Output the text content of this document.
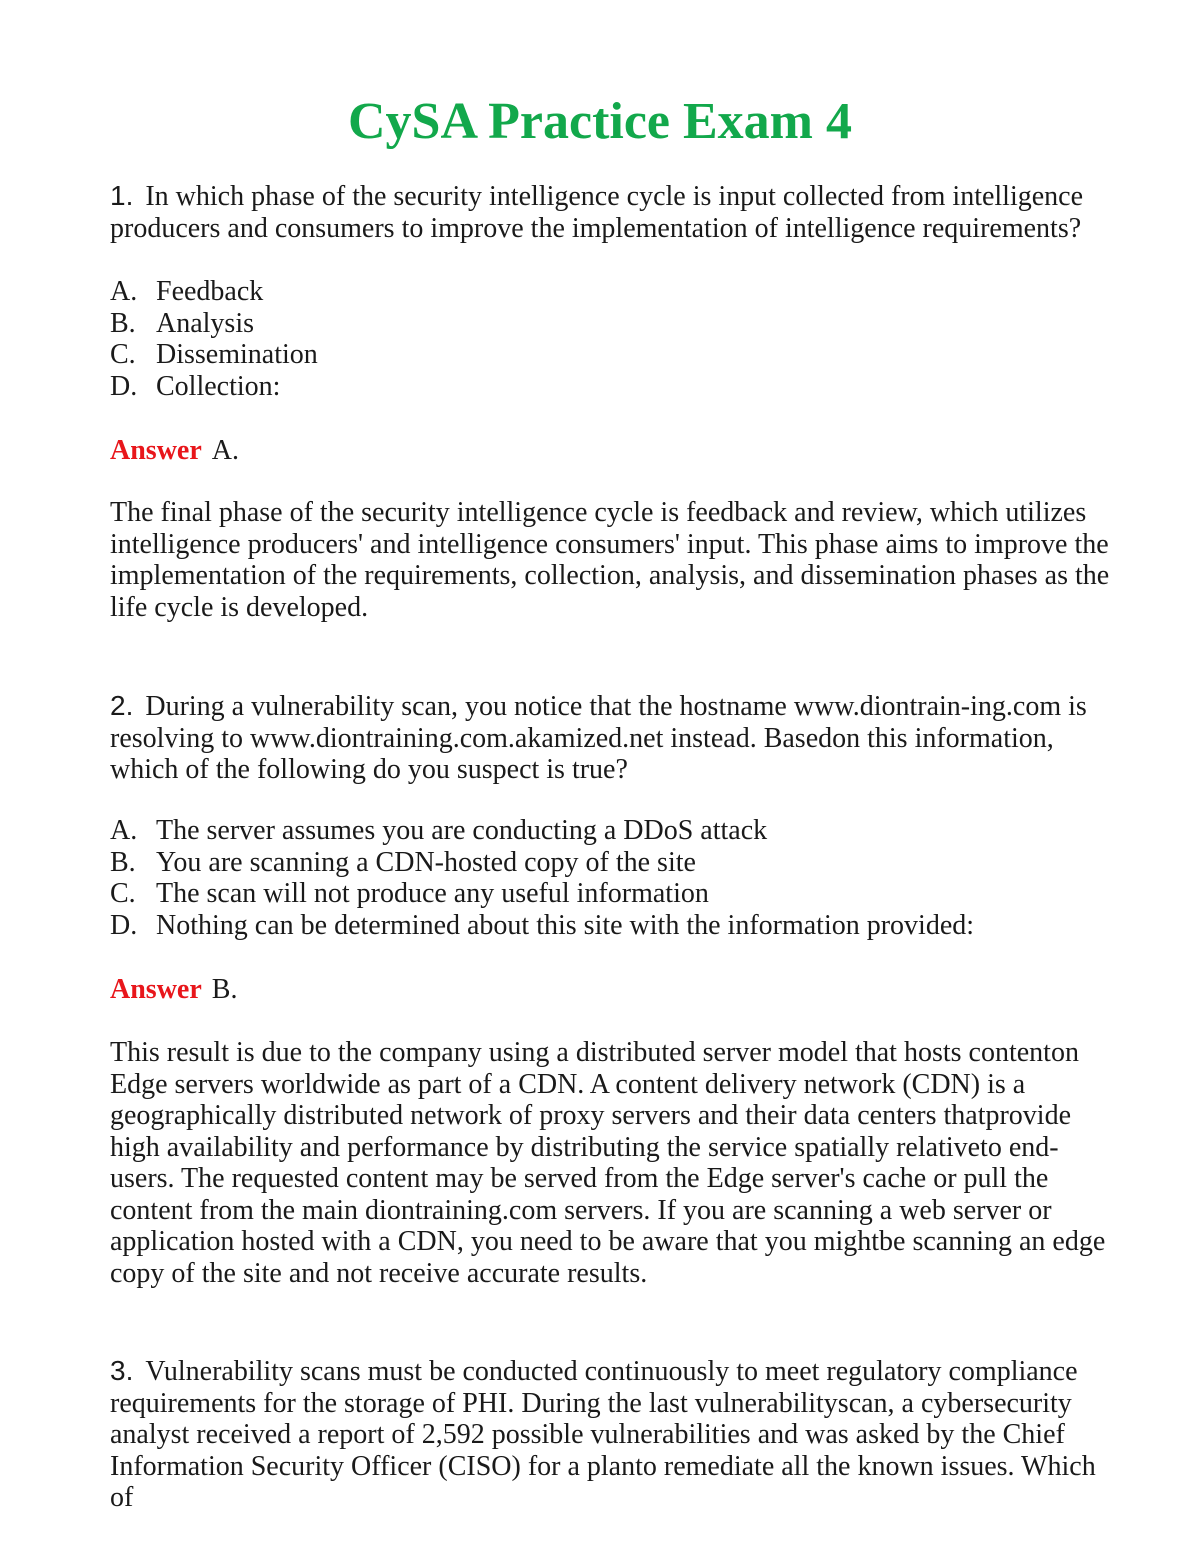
CySA Practice Exam 4

1. In which phase of the security intelligence cycle is input collected from intelligence producers and consumers to improve the implementation of intelligence requirements?

A. Feedback
B. Analysis
C. Dissemination
D. Collection:

Answer A.

The final phase of the security intelligence cycle is feedback and review, which utilizes intelligence producers' and intelligence consumers' input. This phase aims to improve the implementation of the requirements, collection, analysis, and dissemination phases as the life cycle is developed.

2. During a vulnerability scan, you notice that the hostname www.diontrain-ing.com is resolving to www.diontraining.com.akamized.net instead. Basedon this information, which of the following do you suspect is true?

A. The server assumes you are conducting a DDoS attack
B. You are scanning a CDN-hosted copy of the site
C. The scan will not produce any useful information
D. Nothing can be determined about this site with the information provided:

Answer B.

This result is due to the company using a distributed server model that hosts contenton Edge servers worldwide as part of a CDN. A content delivery network (CDN) is a geographically distributed network of proxy servers and their data centers thatprovide high availability and performance by distributing the service spatially relativeto end-users. The requested content may be served from the Edge server's cache or pull the content from the main diontraining.com servers. If you are scanning a web server or application hosted with a CDN, you need to be aware that you mightbe scanning an edge copy of the site and not receive accurate results.

3. Vulnerability scans must be conducted continuously to meet regulatory compliance requirements for the storage of PHI. During the last vulnerabilityscan, a cybersecurity analyst received a report of 2,592 possible vulnerabilities and was asked by the Chief Information Security Officer (CISO) for a planto remediate all the known issues. Which of
